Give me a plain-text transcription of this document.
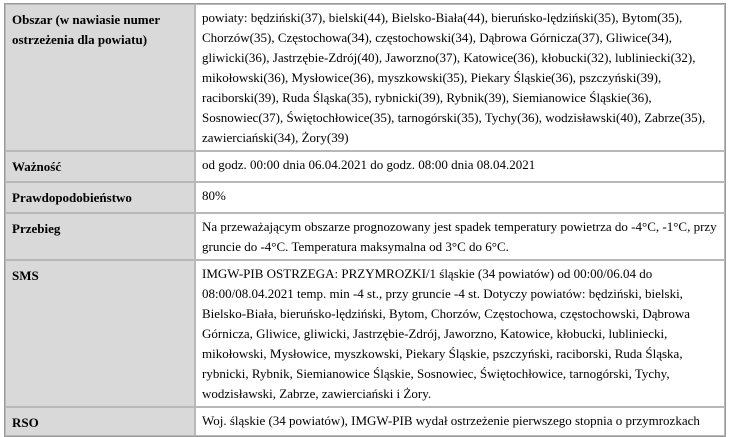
Obszar (w nawiasie numer ostrzeżenia dla powiatu)	powiaty: będziński(37), bielski(44), Bielsko-Biała(44), bieruńsko-lędziński(35), Bytom(35), Chorzów(35), Częstochowa(34), częstochowski(34), Dąbrowa Górnicza(37), Gliwice(34), gliwicki(36), Jastrzębie-Zdrój(40), Jaworzno(37), Katowice(36), kłobucki(32), lubliniecki(32), mikołowski(36), Mysłowice(36), myszkowski(35), Piekary Śląskie(36), pszczyński(39), raciborski(39), Ruda Śląska(35), rybnicki(39), Rybnik(39), Siemianowice Śląskie(36), Sosnowiec(37), Świętochłowice(35), tarnogórski(35), Tychy(36), wodzisławski(40), Zabrze(35), zawierciański(34), Żory(39)
Ważność	od godz. 00:00 dnia 06.04.2021 do godz. 08:00 dnia 08.04.2021
Prawdopodobieństwo	80%
Przebieg	Na przeważającym obszarze prognozowany jest spadek temperatury powietrza do -4°C, -1°C, przy gruncie do -4°C. Temperatura maksymalna od 3°C do 6°C.
SMS	IMGW-PIB OSTRZEGA: PRZYMROZKI/1 śląskie (34 powiatów) od 00:00/06.04 do 08:00/08.04.2021 temp. min -4 st., przy gruncie -4 st. Dotyczy powiatów: będziński, bielski, Bielsko-Biała, bieruńsko-lędziński, Bytom, Chorzów, Częstochowa, częstochowski, Dąbrowa Górnicza, Gliwice, gliwicki, Jastrzębie-Zdrój, Jaworzno, Katowice, kłobucki, lubliniecki, mikołowski, Mysłowice, myszkowski, Piekary Śląskie, pszczyński, raciborski, Ruda Śląska, rybnicki, Rybnik, Siemianowice Śląskie, Sosnowiec, Świętochłowice, tarnogórski, Tychy, wodzisławski, Zabrze, zawierciański i Żory.
RSO	Woj. śląskie (34 powiatów), IMGW-PIB wydał ostrzeżenie pierwszego stopnia o przymrozkach
